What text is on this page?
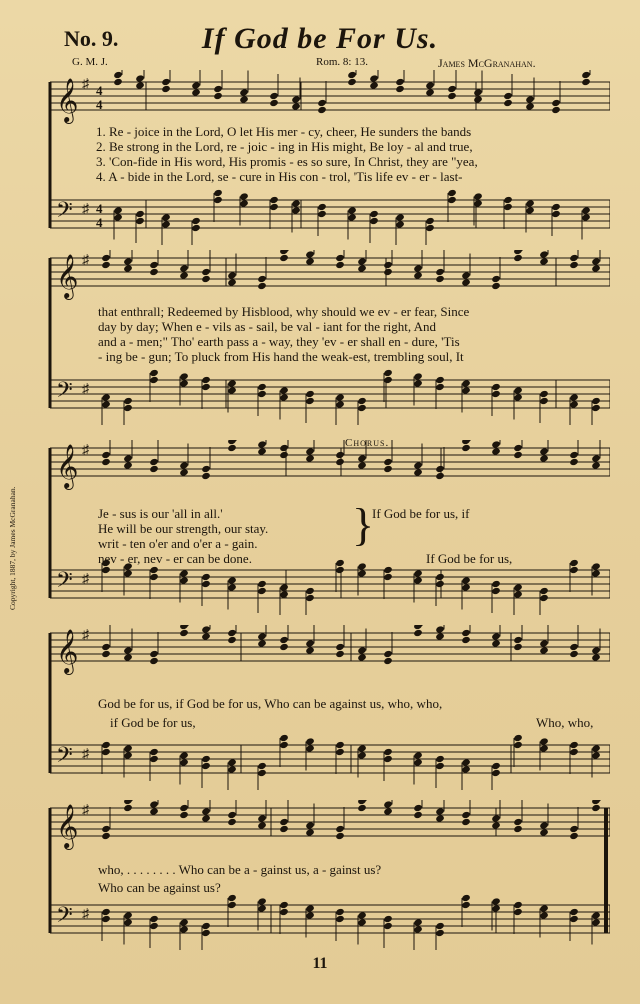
No. 9.	If God be For Us.
G. M. J.	Rom. 8: 13.	James McGranahan.
𝄞 ♯ 4
4
𝄢 ♯ 4
4
1. Re - joice in the Lord, O let His mer - cy, cheer, He sunders the bands
2. Be strong in the Lord, re - joic - ing in His might, Be loy - al and true,
3. 'Con-fide in His word, His promis - es so sure, In Christ, they are "yea,
4. A - bide in the Lord, se - cure in His con - trol, 'Tis life ev - er - last-
𝄞 ♯
𝄢 ♯
that enthrall; Redeemed by Hisblood, why should we ev - er fear, Since
day by day; When e - vils as - sail, be val - iant for the right, And
and a - men;" Tho' earth pass a - way, they 'ev - er shall en - dure, 'Tis
- ing be - gun; To pluck from His hand the weak-est, trembling soul, It
𝄞 ♯
𝄢 ♯
Chorus.
Je - sus is our 'all in all.'
He will be our strength, our stay.
writ - ten o'er and o'er a - gain.
nev - er, nev - er can be done.
}
If God be for us, if
If God be for us,
𝄞 ♯
𝄢 ♯
God be for us, if God be for us, Who can be against us, who, who,
if God be for us,	Who, who,
𝄞 ♯
𝄢 ♯
who, . . . . . . . . Who can be a - gainst us, a - gainst us?
Who can be against us?
Copyright, 1887, by James McGranahan.
11
